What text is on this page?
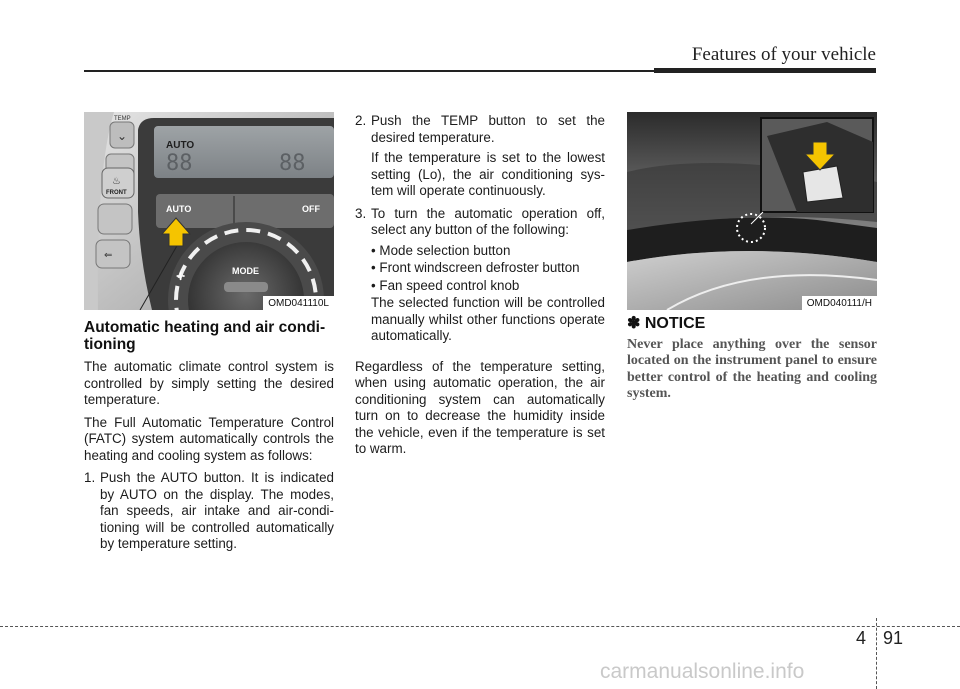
Features of your vehicle
TEMP
⌄
♨
FRONT
⇐
AUTO
88	88
AUTO	OFF
MODE
✢
OMD041110L	OMD040111/H
Automatic heating and air condi-tioning

The automatic climate control system is controlled by simply setting the desired temperature.

The Full Automatic Temperature Control (FATC) system automatically controls the heating and cooling system as follows:

1. Push the AUTO button. It is indicated by AUTO on the display. The modes, fan speeds, air intake and air-condi-tioning will be controlled automatically by temperature setting.
2. Push the TEMP button to set the desired temperature.
If the temperature is set to the lowest setting (Lo), the air conditioning sys-tem will operate continuously.
3. To turn the automatic operation off, select any button of the following:
• Mode selection button
• Front windscreen defroster button
• Fan speed control knob
The selected function will be controlled manually whilst other functions operate automatically.

Regardless of the temperature setting, when using automatic operation, the air conditioning system can automatically turn on to decrease the humidity inside the vehicle, even if the temperature is set to warm.

✽ NOTICE

Never place anything over the sensor located on the instrument panel to ensure better control of the heating and cooling system.

4 91
carmanualsonline.info
